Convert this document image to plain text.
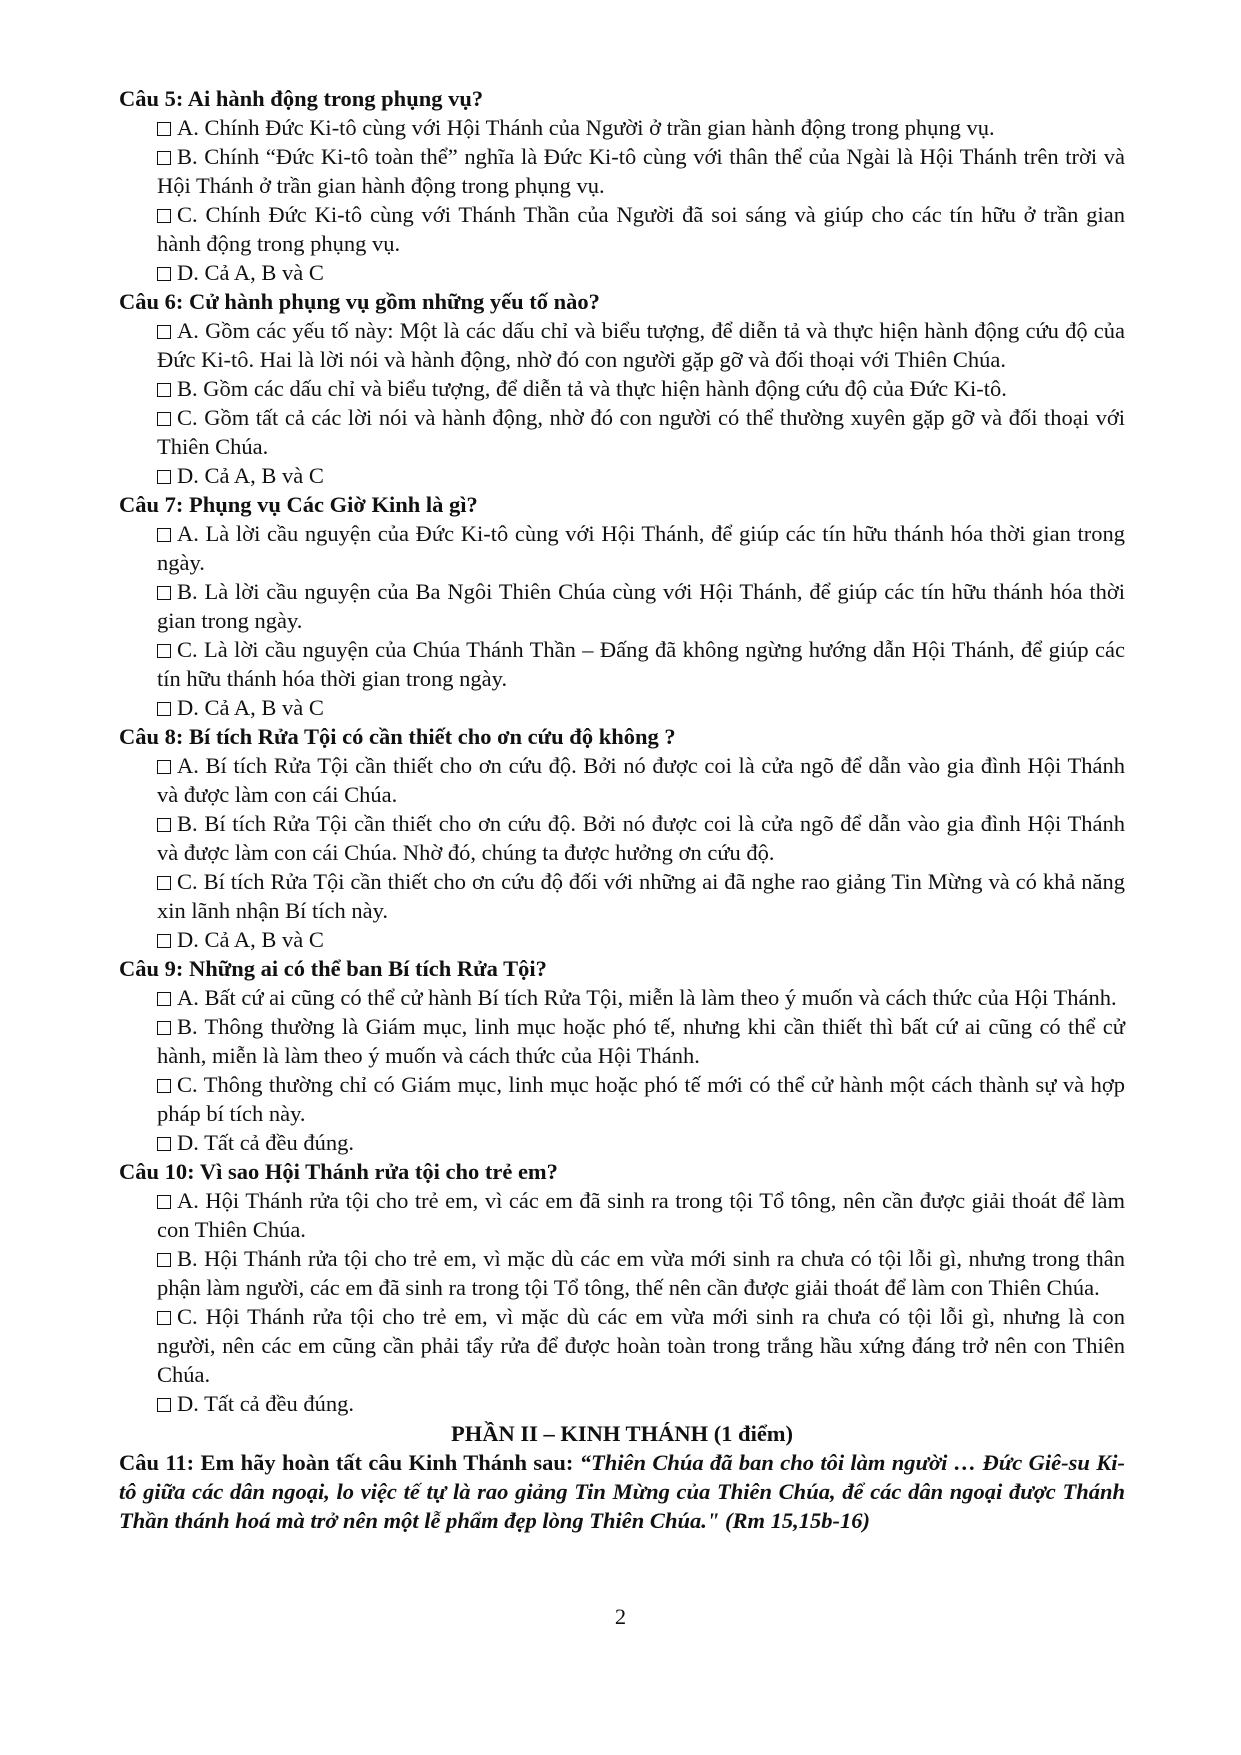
Câu 5: Ai hành động trong phụng vụ?
A. Chính Đức Ki-tô cùng với Hội Thánh của Người ở trần gian hành động trong phụng vụ.
B. Chính “Đức Ki-tô toàn thể” nghĩa là Đức Ki-tô cùng với thân thể của Ngài là Hội Thánh trên trời và Hội Thánh ở trần gian hành động trong phụng vụ.
C. Chính Đức Ki-tô cùng với Thánh Thần của Người đã soi sáng và giúp cho các tín hữu ở trần gian hành động trong phụng vụ.
D. Cả A, B và C
Câu 6: Cử hành phụng vụ gồm những yếu tố nào?
A. Gồm các yếu tố này: Một là các dấu chỉ và biểu tượng, để diễn tả và thực hiện hành động cứu độ của Đức Ki-tô. Hai là lời nói và hành động, nhờ đó con người gặp gỡ và đối thoại với Thiên Chúa.
B. Gồm các dấu chỉ và biểu tượng, để diễn tả và thực hiện hành động cứu độ của Đức Ki-tô.
C. Gồm tất cả các lời nói và hành động, nhờ đó con người có thể thường xuyên gặp gỡ và đối thoại với Thiên Chúa.
D. Cả A, B và C
Câu 7: Phụng vụ Các Giờ Kinh là gì?
A. Là lời cầu nguyện của Đức Ki-tô cùng với Hội Thánh, để giúp các tín hữu thánh hóa thời gian trong ngày.
B. Là lời cầu nguyện của Ba Ngôi Thiên Chúa cùng với Hội Thánh, để giúp các tín hữu thánh hóa thời gian trong ngày.
C. Là lời cầu nguyện của Chúa Thánh Thần – Đấng đã không ngừng hướng dẫn Hội Thánh, để giúp các tín hữu thánh hóa thời gian trong ngày.
D. Cả A, B và C
Câu 8: Bí tích Rửa Tội có cần thiết cho ơn cứu độ không ?
A. Bí tích Rửa Tội cần thiết cho ơn cứu độ. Bởi nó được coi là cửa ngõ để dẫn vào gia đình Hội Thánh và được làm con cái Chúa.
B. Bí tích Rửa Tội cần thiết cho ơn cứu độ. Bởi nó được coi là cửa ngõ để dẫn vào gia đình Hội Thánh và được làm con cái Chúa. Nhờ đó, chúng ta được hưởng ơn cứu độ.
C. Bí tích Rửa Tội cần thiết cho ơn cứu độ đối với những ai đã nghe rao giảng Tin Mừng và có khả năng xin lãnh nhận Bí tích này.
D. Cả A, B và C
Câu 9: Những ai có thể ban Bí tích Rửa Tội?
A. Bất cứ ai cũng có thể cử hành Bí tích Rửa Tội, miễn là làm theo ý muốn và cách thức của Hội Thánh.
B. Thông thường là Giám mục, linh mục hoặc phó tế, nhưng khi cần thiết thì bất cứ ai cũng có thể cử hành, miễn là làm theo ý muốn và cách thức của Hội Thánh.
C. Thông thường chỉ có Giám mục, linh mục hoặc phó tế mới có thể cử hành một cách thành sự và hợp pháp bí tích này.
D. Tất cả đều đúng.
Câu 10: Vì sao Hội Thánh rửa tội cho trẻ em?
A. Hội Thánh rửa tội cho trẻ em, vì các em đã sinh ra trong tội Tổ tông, nên cần được giải thoát để làm con Thiên Chúa.
B. Hội Thánh rửa tội cho trẻ em, vì mặc dù các em vừa mới sinh ra chưa có tội lỗi gì, nhưng trong thân phận làm người, các em đã sinh ra trong tội Tổ tông, thế nên cần được giải thoát để làm con Thiên Chúa.
C. Hội Thánh rửa tội cho trẻ em, vì mặc dù các em vừa mới sinh ra chưa có tội lỗi gì, nhưng là con người, nên các em cũng cần phải tẩy rửa để được hoàn toàn trong trắng hầu xứng đáng trở nên con Thiên Chúa.
D. Tất cả đều đúng.
PHẦN II – KINH THÁNH (1 điểm)
Câu 11: Em hãy hoàn tất câu Kinh Thánh sau: “Thiên Chúa đã ban cho tôi làm người … Đức Giê-su Ki-tô giữa các dân ngoại, lo việc tế tự là rao giảng Tin Mừng của Thiên Chúa, để các dân ngoại được Thánh Thần thánh hoá mà trở nên một lễ phẩm đẹp lòng Thiên Chúa." (Rm 15,15b-16)
2
